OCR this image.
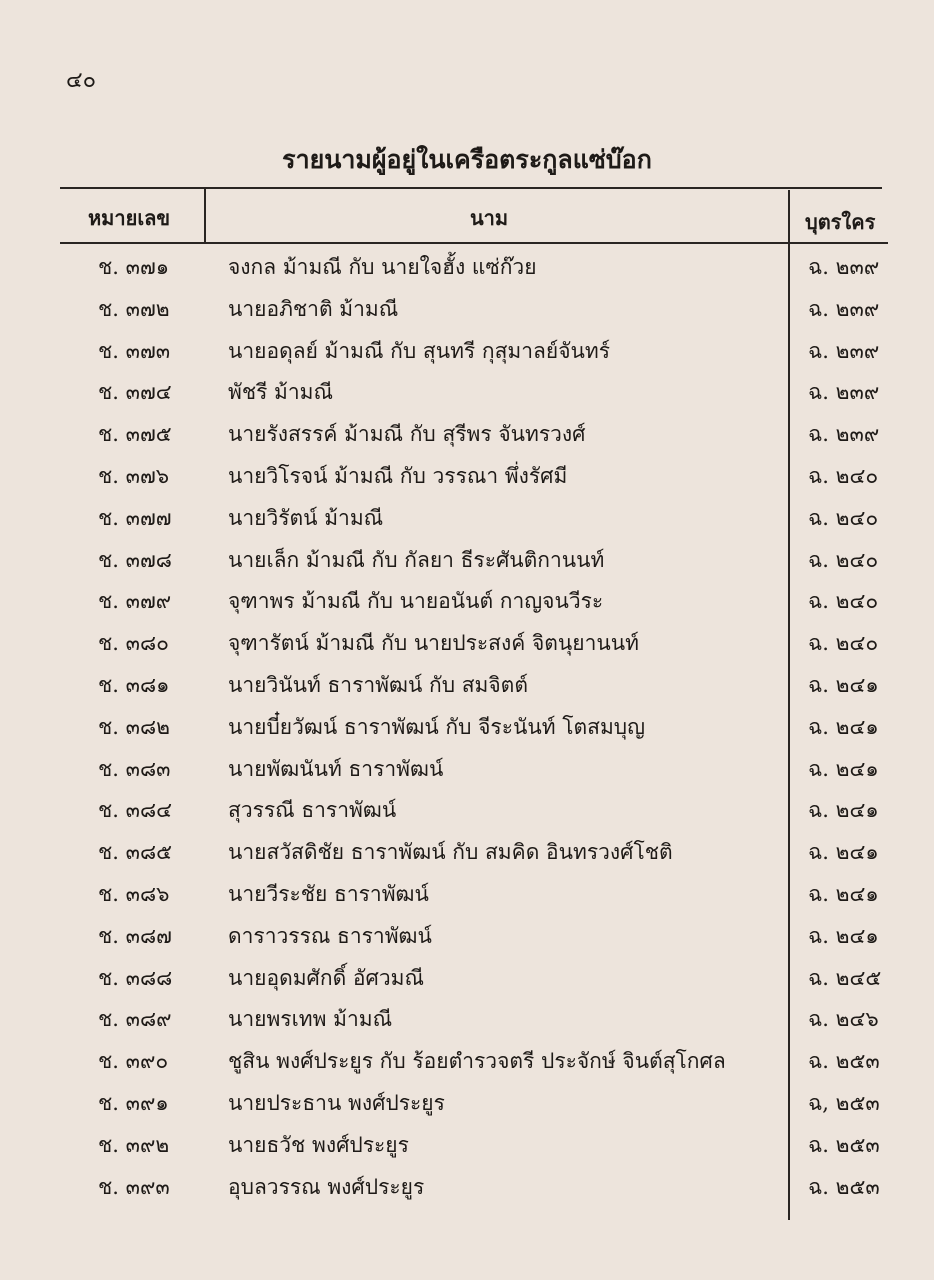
๔๐
รายนามผู้อยู่ในเครือตระกูลแซ่บ๊อก
หมายเลข	นาม	บุตรใคร
ช. ๓๗๑	จงกล ม้ามณี กับ นายใจฮั้ง แซ่ก๊วย	ฉ. ๒๓๙
ช. ๓๗๒	นายอภิชาติ ม้ามณี	ฉ. ๒๓๙
ช. ๓๗๓	นายอดุลย์ ม้ามณี กับ สุนทรี กุสุมาลย์จันทร์	ฉ. ๒๓๙
ช. ๓๗๔	พัชรี ม้ามณี	ฉ. ๒๓๙
ช. ๓๗๕	นายรังสรรค์ ม้ามณี กับ สุรีพร จันทรวงศ์	ฉ. ๒๓๙
ช. ๓๗๖	นายวิโรจน์ ม้ามณี กับ วรรณา พึ่งรัศมี	ฉ. ๒๔๐
ช. ๓๗๗	นายวิรัตน์ ม้ามณี	ฉ. ๒๔๐
ช. ๓๗๘	นายเล็ก ม้ามณี กับ กัลยา ธีระศันติกานนท์	ฉ. ๒๔๐
ช. ๓๗๙	จุฑาพร ม้ามณี กับ นายอนันต์ กาญจนวีระ	ฉ. ๒๔๐
ช. ๓๘๐	จุฑารัตน์ ม้ามณี กับ นายประสงค์ จิตนุยานนท์	ฉ. ๒๔๐
ช. ๓๘๑	นายวินันท์ ธาราพัฒน์ กับ สมจิตต์	ฉ. ๒๔๑
ช. ๓๘๒	นายบี๋ยวัฒน์ ธาราพัฒน์ กับ จีระนันท์ โตสมบุญ	ฉ. ๒๔๑
ช. ๓๘๓	นายพัฒนันท์ ธาราพัฒน์	ฉ. ๒๔๑
ช. ๓๘๔	สุวรรณี ธาราพัฒน์	ฉ. ๒๔๑
ช. ๓๘๕	นายสวัสดิชัย ธาราพัฒน์ กับ สมคิด อินทรวงศ์โชติ	ฉ. ๒๔๑
ช. ๓๘๖	นายวีระชัย ธาราพัฒน์	ฉ. ๒๔๑
ช. ๓๘๗	ดาราวรรณ ธาราพัฒน์	ฉ. ๒๔๑
ช. ๓๘๘	นายอุดมศักดิ์ อัศวมณี	ฉ. ๒๔๕
ช. ๓๘๙	นายพรเทพ ม้ามณี	ฉ. ๒๔๖
ช. ๓๙๐	ชูสิน พงศ์ประยูร กับ ร้อยตำรวจตรี ประจักษ์ จินต์สุโกศล	ฉ. ๒๕๓
ช. ๓๙๑	นายประธาน พงศ์ประยูร	ฉ, ๒๕๓
ช. ๓๙๒	นายธวัช พงศ์ประยูร	ฉ. ๒๕๓
ช. ๓๙๓	อุบลวรรณ พงศ์ประยูร	ฉ. ๒๕๓
